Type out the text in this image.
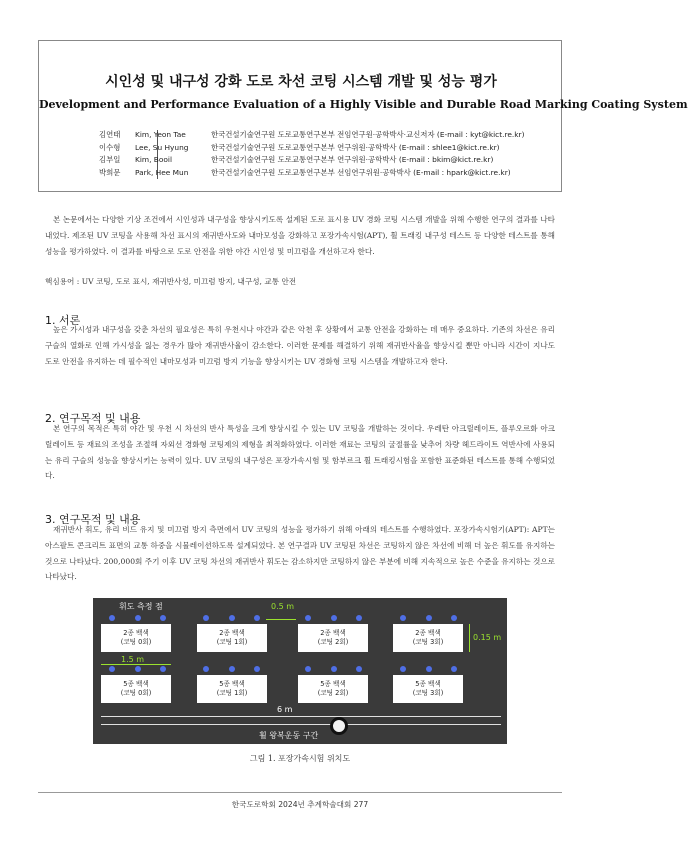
시인성 및 내구성 강화 도로 차선 코팅 시스템 개발 및 성능 평가
Development and Performance Evaluation of a Highly Visible and Durable Road Marking Coating System
김연태	Kim, Yeon Tae	한국건설기술연구원 도로교통연구본부 전임연구원·공학박사·교신저자 (E-mail : kyt@kict.re.kr)
이수형	Lee, Su Hyung	한국건설기술연구원 도로교통연구본부 연구위원·공학박사 (E-mail : shlee1@kict.re.kr)
김부일	Kim, Booil	한국건설기술연구원 도로교통연구본부 연구위원·공학박사 (E-mail : bkim@kict.re.kr)
박희문	Park, Hee Mun	한국건설기술연구원 도로교통연구본부 선임연구위원·공학박사 (E-mail : hpark@kict.re.kr)
본 논문에서는 다양한 기상 조건에서 시인성과 내구성을 향상시키도록 설계된 도로 표시용 UV 경화 코팅 시스템 개발을 위해 수행한 연구의 결과를 나타내었다. 제조된 UV 코팅을 사용해 차선 표시의 재귀반사도와 내마모성을 강화하고 포장가속시험(APT), 휠 트래킹 내구성 테스트 등 다양한 테스트를 통해 성능을 평가하였다. 이 결과를 바탕으로 도로 안전을 위한 야간 시인성 및 미끄럼을 개선하고자 한다.
핵심용어 : UV 코팅, 도로 표시, 재귀반사성, 미끄럼 방지, 내구성, 교통 안전
1. 서론
높은 가시성과 내구성을 갖춘 차선의 필요성은 특히 우천시나 야간과 같은 악천 후 상황에서 교통 안전을 강화하는 데 매우 중요하다. 기존의 차선은 유리 구슬의 열화로 인해 가시성을 잃는 경우가 많아 재귀반사율이 감소한다. 이러한 문제를 해결하기 위해 재귀반사율을 향상시킬 뿐만 아니라 시간이 지나도 도로 안전을 유지하는 데 필수적인 내마모성과 미끄럼 방지 기능을 향상시키는 UV 경화형 코팅 시스템을 개발하고자 한다.
2. 연구목적 및 내용
본 연구의 목적은 특히 야간 및 우천 시 차선의 반사 특성을 크게 향상시킬 수 있는 UV 코팅을 개발하는 것이다. 우레탄 아크릴레이트, 플루오르화 아크릴레이트 등 재료의 조성을 조절해 자외선 경화형 코팅제의 제형을 최적화하였다. 이러한 재료는 코팅의 굴절률을 낮추어 차량 헤드라이트 역반사에 사용되는 유리 구슬의 성능을 향상시키는 능력이 있다. UV 코팅의 내구성은 포장가속시험 및 함부르크 휠 트래킹시험을 포함한 표준화된 테스트를 통해 수행되었다.
3. 연구목적 및 내용
재귀반사 휘도, 유리 비드 유지 및 미끄럼 방지 측면에서 UV 코팅의 성능을 평가하기 위해 아래의 테스트를 수행하였다. 포장가속시험기(APT): APT는 아스팔트 콘크리트 표면의 교통 하중을 시뮬레이션하도록 설계되었다. 본 연구결과 UV 코팅된 차선은 코팅하지 않은 차선에 비해 더 높은 휘도를 유지하는 것으로 나타났다. 200,000회 주기 이후 UV 코팅 차선의 재귀반사 휘도는 감소하지만 코팅하지 않은 부분에 비해 지속적으로 높은 수준을 유지하는 것으로 나타났다.
휘도 측정 점	0.5 m
2종 백색
(코팅 0회)
2종 백색
(코팅 1회)
2종 백색
(코팅 2회)
2종 백색
(코팅 3회)	0.15 m
1.5 m
5종 백색
(코팅 0회)
5종 백색
(코팅 1회)
5종 백색
(코팅 2회)
5종 백색
(코팅 3회)
6 m
휠 왕복운동 구간
그림 1. 포장가속시험 위치도
한국도로학회 2024년 추계학술대회 277
